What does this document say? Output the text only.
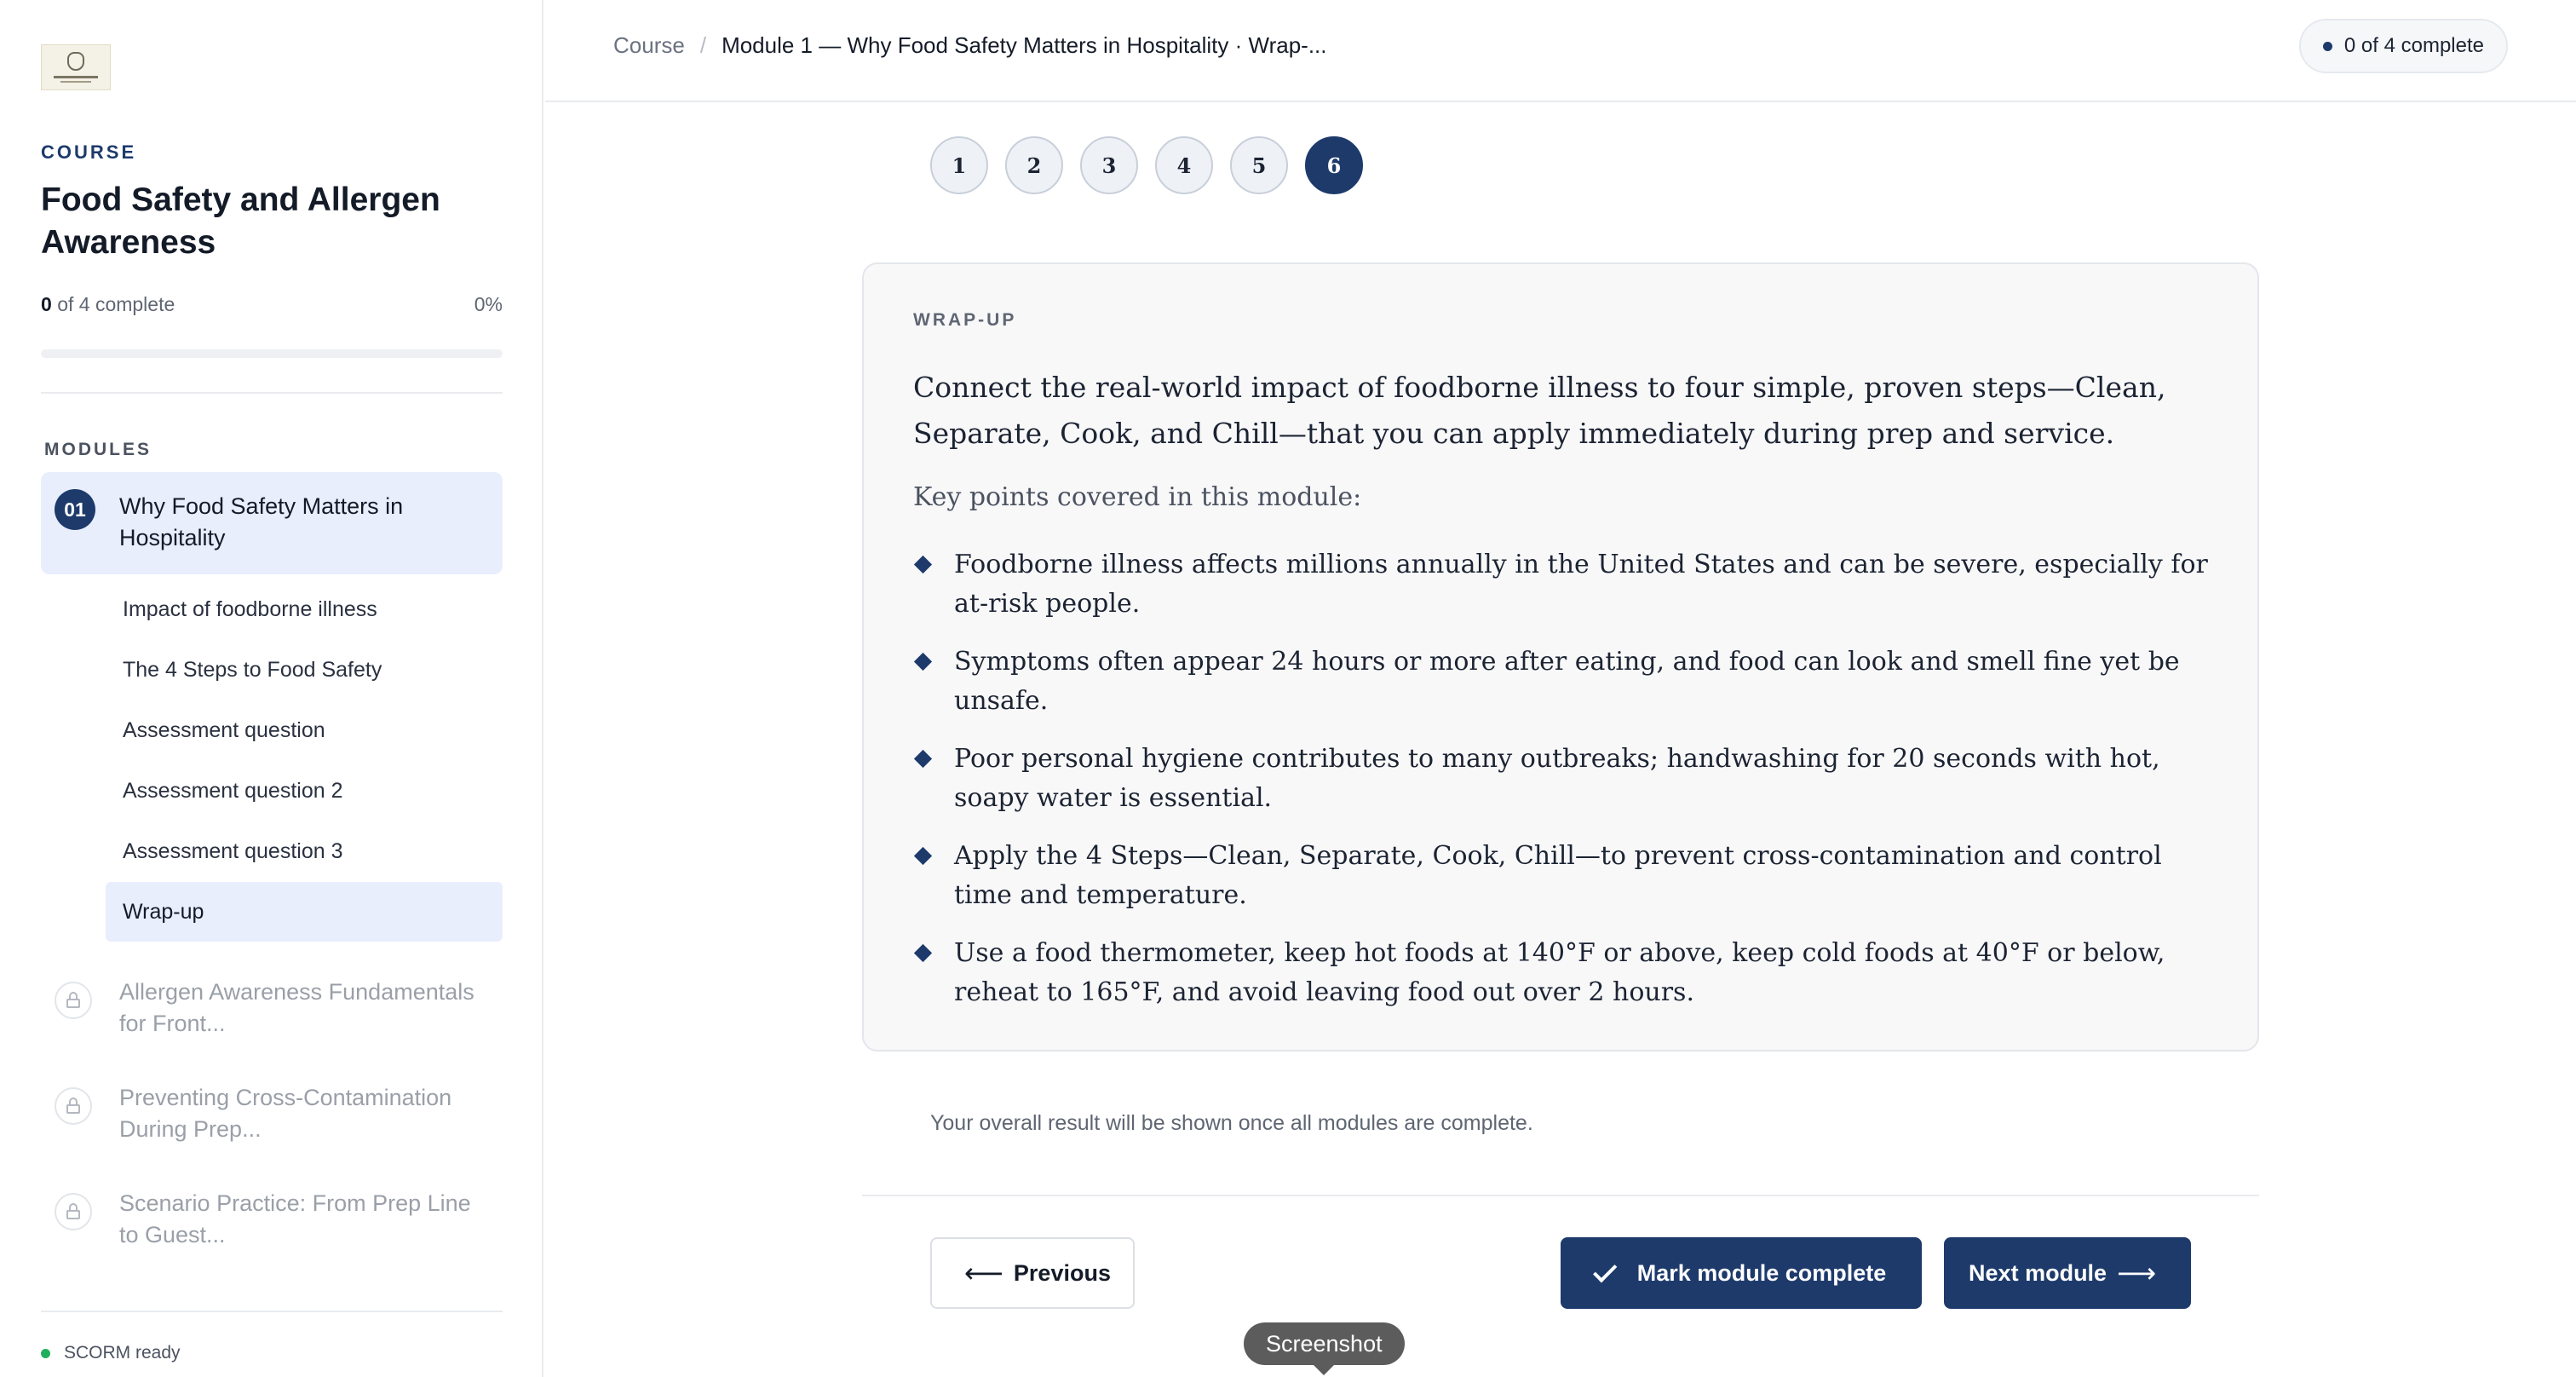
COURSE
Food Safety and Allergen Awareness
0 of 4 complete	0%
MODULES
01	Why Food Safety Matters in Hospitality
Impact of foodborne illness
The 4 Steps to Food Safety
Assessment question
Assessment question 2
Assessment question 3
Wrap-up
Allergen Awareness Fundamentals for Front...
Preventing Cross-Contamination During Prep...
Scenario Practice: From Prep Line to Guest...
SCORM ready
Course / Module 1 — Why Food Safety Matters in Hospitality · Wrap-...	0 of 4 complete
1	2	3	4	5	6
WRAP-UP

Connect the real-world impact of foodborne illness to four simple, proven steps—Clean, Separate, Cook, and Chill—that you can apply immediately during prep and service.

Key points covered in this module:
Foodborne illness affects millions annually in the United States and can be severe, especially for at-risk people.
Symptoms often appear 24 hours or more after eating, and food can look and smell fine yet be unsafe.
Poor personal hygiene contributes to many outbreaks; handwashing for 20 seconds with hot, soapy water is essential.
Apply the 4 Steps—Clean, Separate, Cook, Chill—to prevent cross-contamination and control time and temperature.
Use a food thermometer, keep hot foods at 140°F or above, keep cold foods at 40°F or below, reheat to 165°F, and avoid leaving food out over 2 hours.
Your overall result will be shown once all modules are complete.
⟵ Previous	Mark module complete	Next module ⟶
Screenshot
